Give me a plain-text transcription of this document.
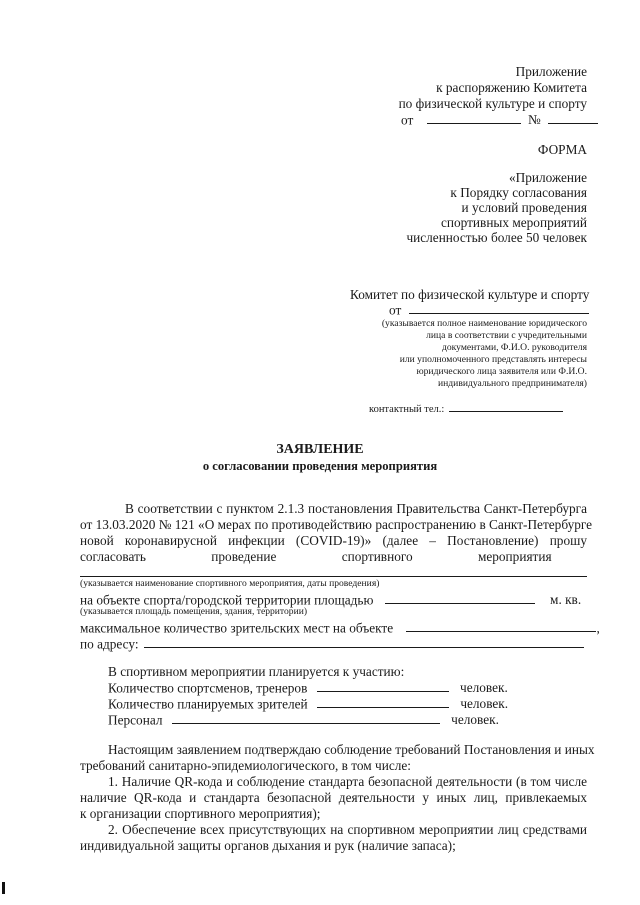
Приложение
к распоряжению Комитета
по физической культуре и спорту
от	№
ФОРМА
«Приложение
к Порядку согласования
и условий проведения
спортивных мероприятий
численностью более 50 человек
Комитет по физической культуре и спорту
от
(указывается полное наименование юридического
лица в соответствии с учредительными
документами, Ф.И.О. руководителя
или уполномоченного представлять интересы
юридического лица заявителя или Ф.И.О.
индивидуального предпринимателя)
контактный тел.:
ЗАЯВЛЕНИЕ
о согласовании проведения мероприятия
В соответствии с пунктом 2.1.3 постановления Правительства Санкт-Петербурга
от 13.03.2020 № 121 «О мерах по противодействию распространению в Санкт-Петербурге
новой коронавирусной инфекции (COVID-19)» (далее – Постановление) прошу
согласовать проведение спортивного мероприятия
(указывается наименование спортивного мероприятия, даты проведения)
на объекте спорта/городской территории площадью	м. кв.
(указывается площадь помещения, здания, территории)
максимальное количество зрительских мест на объекте	,
по адресу:
В спортивном мероприятии планируется к участию:
Количество спортсменов, тренеров	человек.
Количество планируемых зрителей	человек.
Персонал	человек.
Настоящим заявлением подтверждаю соблюдение требований Постановления и иных
требований санитарно-эпидемиологического, в том числе:
1. Наличие QR-кода и соблюдение стандарта безопасной деятельности (в том числе
наличие QR-кода и стандарта безопасной деятельности у иных лиц, привлекаемых
к организации спортивного мероприятия);
2. Обеспечение всех присутствующих на спортивном мероприятии лиц средствами
индивидуальной защиты органов дыхания и рук (наличие запаса);
